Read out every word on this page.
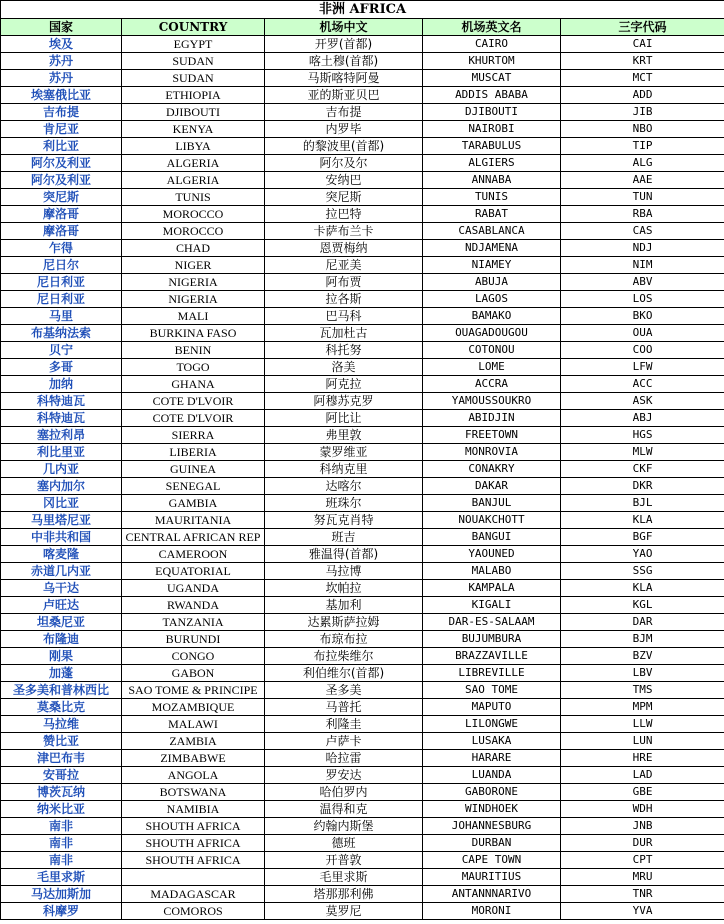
非洲 AFRICA				
国家	COUNTRY	机场中文	机场英文名	三字代码
埃及	EGYPT	开罗(首都)	CAIRO	CAI
苏丹	SUDAN	喀土穆(首都)	KHURTOM	KRT
苏丹	SUDAN	马斯喀特阿曼	MUSCAT	MCT
埃塞俄比亚	ETHIOPIA	亚的斯亚贝巴	ADDIS ABABA	ADD
吉布提	DJIBOUTI	吉布提	DJIBOUTI	JIB
肯尼亚	KENYA	内罗毕	NAIROBI	NBO
利比亚	LIBYA	的黎波里(首都)	TARABULUS	TIP
阿尔及利亚	ALGERIA	阿尔及尔	ALGIERS	ALG
阿尔及利亚	ALGERIA	安纳巴	ANNABA	AAE
突尼斯	TUNIS	突尼斯	TUNIS	TUN
摩洛哥	MOROCCO	拉巴特	RABAT	RBA
摩洛哥	MOROCCO	卡萨布兰卡	CASABLANCA	CAS
乍得	CHAD	恩贾梅纳	NDJAMENA	NDJ
尼日尔	NIGER	尼亚美	NIAMEY	NIM
尼日利亚	NIGERIA	阿布贾	ABUJA	ABV
尼日利亚	NIGERIA	拉各斯	LAGOS	LOS
马里	MALI	巴马科	BAMAKO	BKO
布基纳法索	BURKINA FASO	瓦加杜古	OUAGADOUGOU	OUA
贝宁	BENIN	科托努	COTONOU	COO
多哥	TOGO	洛美	LOME	LFW
加纳	GHANA	阿克拉	ACCRA	ACC
科特迪瓦	COTE D'LVOIR	阿穆苏克罗	YAMOUSSOUKRO	ASK
科特迪瓦	COTE D'LVOIR	阿比让	ABIDJIN	ABJ
塞拉利昂	SIERRA	弗里敦	FREETOWN	HGS
利比里亚	LIBERIA	蒙罗维亚	MONROVIA	MLW
几内亚	GUINEA	科纳克里	CONAKRY	CKF
塞内加尔	SENEGAL	达喀尔	DAKAR	DKR
冈比亚	GAMBIA	班珠尔	BANJUL	BJL
马里塔尼亚	MAURITANIA	努瓦克肖特	NOUAKCHOTT	KLA
中非共和国	CENTRAL AFRICAN REP	班吉	BANGUI	BGF
喀麦隆	CAMEROON	雅温得(首都)	YAOUNED	YAO
赤道几内亚	EQUATORIAL	马拉博	MALABO	SSG
乌干达	UGANDA	坎帕拉	KAMPALA	KLA
卢旺达	RWANDA	基加利	KIGALI	KGL
坦桑尼亚	TANZANIA	达累斯萨拉姆	DAR-ES-SALAAM	DAR
布隆迪	BURUNDI	布琼布拉	BUJUMBURA	BJM
刚果	CONGO	布拉柴维尔	BRAZZAVILLE	BZV
加蓬	GABON	利伯维尔(首都)	LIBREVILLE	LBV
圣多美和普林西比	SAO TOME & PRINCIPE	圣多美	SAO TOME	TMS
莫桑比克	MOZAMBIQUE	马普托	MAPUTO	MPM
马拉维	MALAWI	利隆圭	LILONGWE	LLW
赞比亚	ZAMBIA	卢萨卡	LUSAKA	LUN
津巴布韦	ZIMBABWE	哈拉雷	HARARE	HRE
安哥拉	ANGOLA	罗安达	LUANDA	LAD
博茨瓦纳	BOTSWANA	哈伯罗内	GABORONE	GBE
纳米比亚	NAMIBIA	温得和克	WINDHOEK	WDH
南非	SHOUTH AFRICA	约翰内斯堡	JOHANNESBURG	JNB
南非	SHOUTH AFRICA	德班	DURBAN	DUR
南非	SHOUTH AFRICA	开普敦	CAPE TOWN	CPT
毛里求斯		毛里求斯	MAURITIUS	MRU
马达加斯加	MADAGASCAR	塔那那利佛	ANTANNNARIVO	TNR
科摩罗	COMOROS	莫罗尼	MORONI	YVA
